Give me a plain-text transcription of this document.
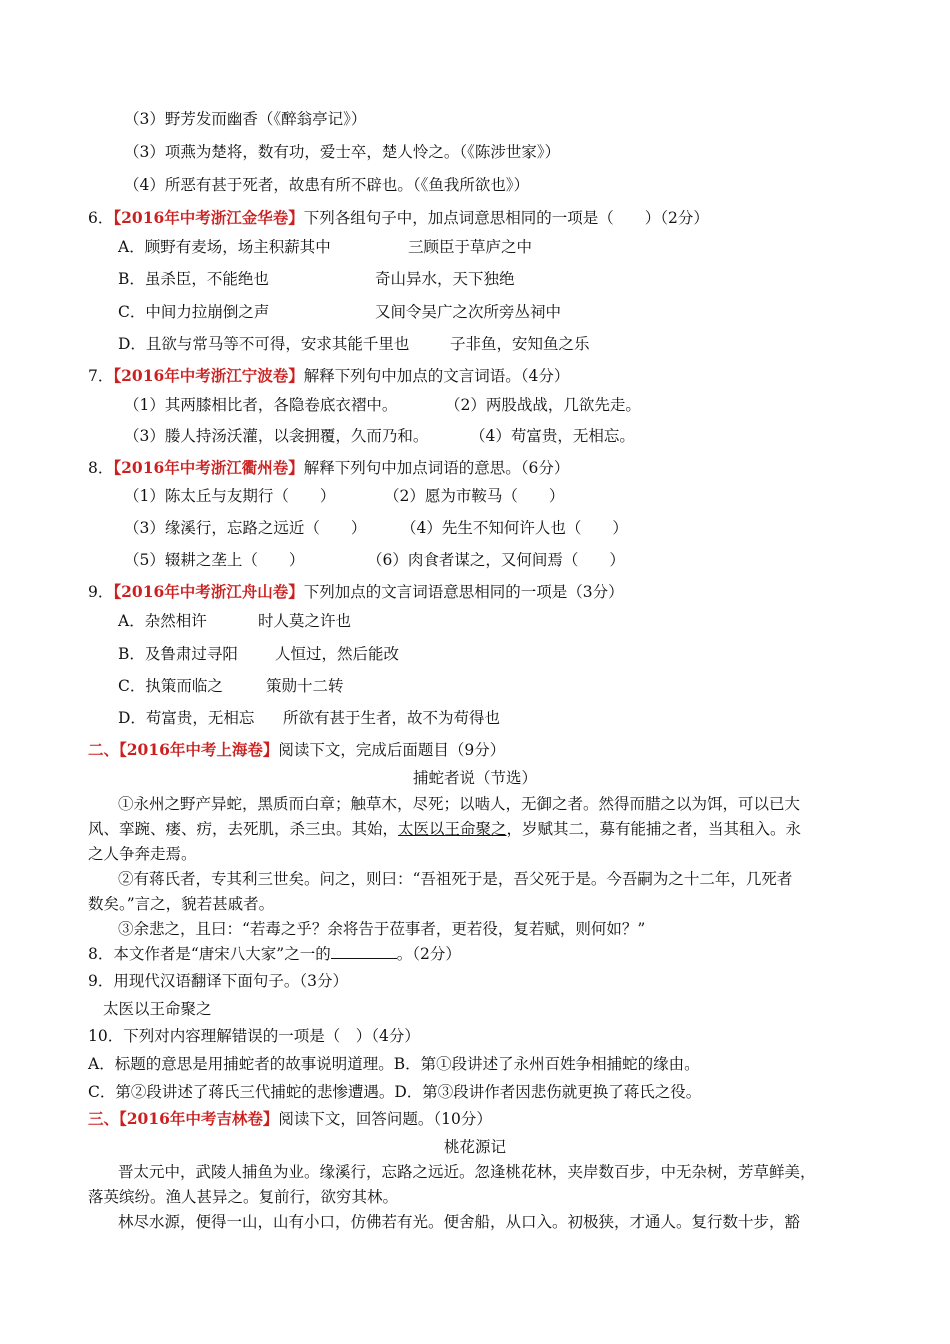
（3）野芳发而幽香（《醉翁亭记》）
（3）项燕为楚将，数有功，爱士卒，楚人怜之。（《陈涉世家》）
（4）所恶有甚于死者，故患有所不辟也。（《鱼我所欲也》）
6．【2016年中考浙江金华卷】下列各组句子中，加点词意思相同的一项是（　　）（2分）
A．顾野有麦场，场主积薪其中	三顾臣于草庐之中
B．虽杀臣，不能绝也	奇山异水，天下独绝
C．中间力拉崩倒之声	又间令吴广之次所旁丛祠中
D．且欲与常马等不可得，安求其能千里也	子非鱼，安知鱼之乐
7．【2016年中考浙江宁波卷】解释下列句中加点的文言词语。（4分）
（1）其两膝相比者，各隐卷底衣褶中。	（2）两股战战，几欲先走。
（3）媵人持汤沃灌，以衾拥覆，久而乃和。	（4）苟富贵，无相忘。
8．【2016年中考浙江衢州卷】解释下列句中加点词语的意思。（6分）
（1）陈太丘与友期行（　　）	（2）愿为市鞍马（　　）
（3）缘溪行，忘路之远近（　　） （4）先生不知何许人也（　　）
（5）辍耕之垄上（　　）	（6）肉食者谋之，又何间焉（　　）
9．【2016年中考浙江舟山卷】下列加点的文言词语意思相同的一项是（3分）
A．杂然相许	时人莫之许也
B．及鲁肃过寻阳 人恒过，然后能改
C．执策而临之	策勋十二转
D．苟富贵，无相忘 所欲有甚于生者，故不为苟得也
二、【2016年中考上海卷】阅读下文，完成后面题目（9分）
捕蛇者说（节选）
①永州之野产异蛇，黑质而白章；触草木，尽死；以啮人，无御之者。然得而腊之以为饵，可以已大
风、挛踠、瘘、疠，去死肌，杀三虫。其始，太医以王命聚之，岁赋其二，募有能捕之者，当其租入。永
之人争奔走焉。
②有蒋氏者，专其利三世矣。问之，则曰：“吾祖死于是，吾父死于是。今吾嗣为之十二年，几死者
数矣。”言之，貌若甚戚者。
③余悲之，且曰：“若毒之乎？余将告于莅事者，更若役，复若赋，则何如？”
8．本文作者是“唐宋八大家”之一的	。（2分）
9．用现代汉语翻译下面句子。（3分）
太医以王命聚之
10．下列对内容理解错误的一项是（　）（4分）
A．标题的意思是用捕蛇者的故事说明道理。B．第①段讲述了永州百姓争相捕蛇的缘由。
C．第②段讲述了蒋氏三代捕蛇的悲惨遭遇。D．第③段讲作者因悲伤就更换了蒋氏之役。
三、【2016年中考吉林卷】阅读下文，回答问题。（10分）
桃花源记
晋太元中，武陵人捕鱼为业。缘溪行，忘路之远近。忽逢桃花林，夹岸数百步，中无杂树，芳草鲜美，
落英缤纷。渔人甚异之。复前行，欲穷其林。
林尽水源，便得一山，山有小口，仿佛若有光。便舍船，从口入。初极狭，才通人。复行数十步，豁
